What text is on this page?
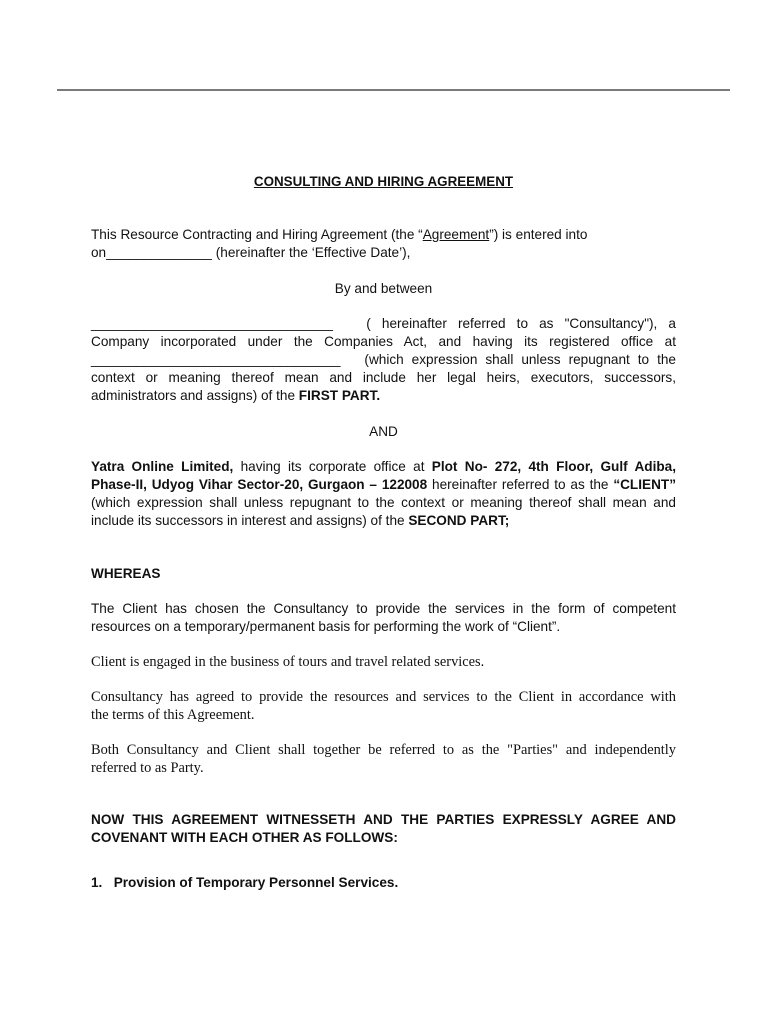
CONSULTING AND HIRING AGREEMENT

This Resource Contracting and Hiring Agreement (the “Agreement”) is entered into
on______________ (hereinafter the ‘Effective Date’),

By and between

________________________________ ( hereinafter referred to as "Consultancy"), a
Company incorporated under the Companies Act, and having its registered office at
_________________________________ (which expression shall unless repugnant to the
context or meaning thereof mean and include her legal heirs, executors, successors,
administrators and assigns) of the FIRST PART.

AND

Yatra Online Limited, having its corporate office at Plot No- 272, 4th Floor, Gulf Adiba,
Phase-II, Udyog Vihar Sector-20, Gurgaon – 122008 hereinafter referred to as the “CLIENT”
(which expression shall unless repugnant to the context or meaning thereof shall mean and
include its successors in interest and assigns) of the SECOND PART;

WHEREAS

The Client has chosen the Consultancy to provide the services in the form of competent
resources on a temporary/permanent basis for performing the work of “Client”.

Client is engaged in the business of tours and travel related services.

Consultancy has agreed to provide the resources and services to the Client in accordance with
the terms of this Agreement.

Both Consultancy and Client shall together be referred to as the "Parties" and independently
referred to as Party.

NOW THIS AGREEMENT WITNESSETH AND THE PARTIES EXPRESSLY AGREE AND
COVENANT WITH EACH OTHER AS FOLLOWS:

1. Provision of Temporary Personnel Services.
